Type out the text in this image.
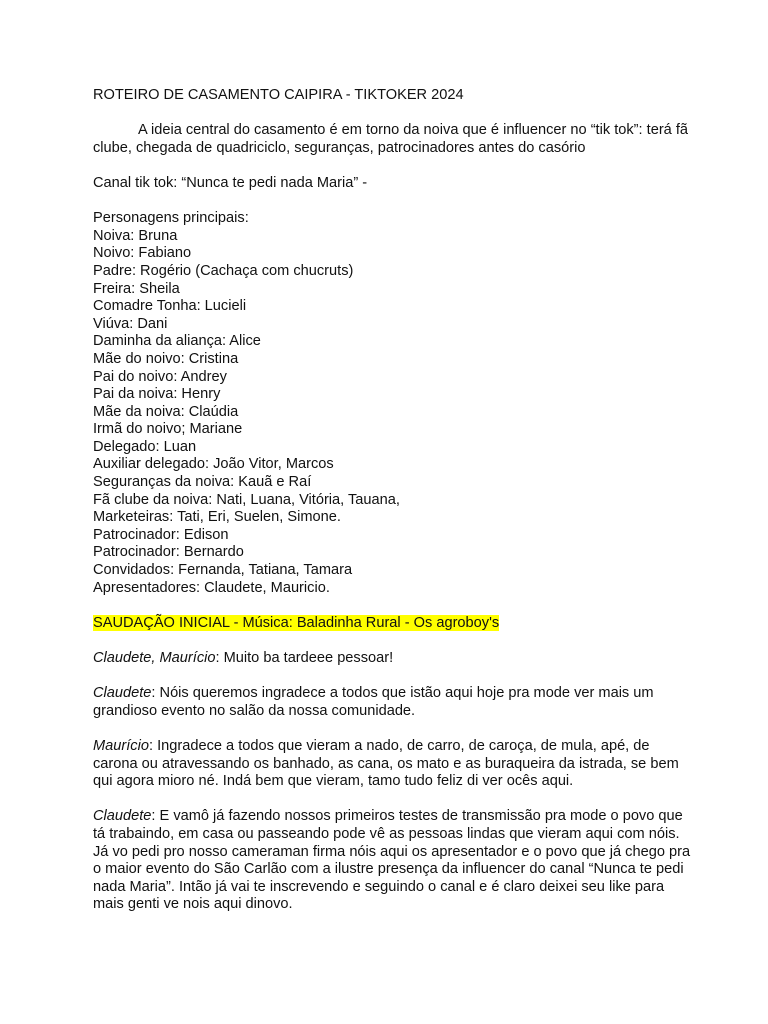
ROTEIRO DE CASAMENTO CAIPIRA - TIKTOKER 2024
A ideia central do casamento é em torno da noiva que é influencer no “tik tok”: terá fã
clube, chegada de quadriciclo, seguranças, patrocinadores antes do casório
Canal tik tok: “Nunca te pedi nada Maria” -
Personagens principais:
Noiva: Bruna
Noivo: Fabiano
Padre: Rogério (Cachaça com chucruts)
Freira: Sheila
Comadre Tonha: Lucieli
Viúva: Dani
Daminha da aliança: Alice
Mãe do noivo: Cristina
Pai do noivo: Andrey
Pai da noiva: Henry
Mãe da noiva: Claúdia
Irmã do noivo; Mariane
Delegado: Luan
Auxiliar delegado: João Vitor, Marcos
Seguranças da noiva: Kauã e Raí
Fã clube da noiva: Nati, Luana, Vitória, Tauana,
Marketeiras: Tati, Eri, Suelen, Simone.
Patrocinador: Edison
Patrocinador: Bernardo
Convidados: Fernanda, Tatiana, Tamara
Apresentadores: Claudete, Mauricio.
SAUDAÇÃO INICIAL - Música: Baladinha Rural - Os agroboy's
Claudete, Maurício: Muito ba tardeee pessoar!
Claudete: Nóis queremos ingradece a todos que istão aqui hoje pra mode ver mais um
grandioso evento no salão da nossa comunidade.
Maurício: Ingradece a todos que vieram a nado, de carro, de caroça, de mula, apé, de
carona ou atravessando os banhado, as cana, os mato e as buraqueira da istrada, se bem
qui agora mioro né. Indá bem que vieram, tamo tudo feliz di ver ocês aqui.
Claudete: E vamô já fazendo nossos primeiros testes de transmissão pra mode o povo que
tá trabaindo, em casa ou passeando pode vê as pessoas lindas que vieram aqui com nóis.
Já vo pedi pro nosso cameraman firma nóis aqui os apresentador e o povo que já chego pra
o maior evento do São Carlão com a ilustre presença da influencer do canal “Nunca te pedi
nada Maria”. Intão já vai te inscrevendo e seguindo o canal e é claro deixei seu like para
mais genti ve nois aqui dinovo.
